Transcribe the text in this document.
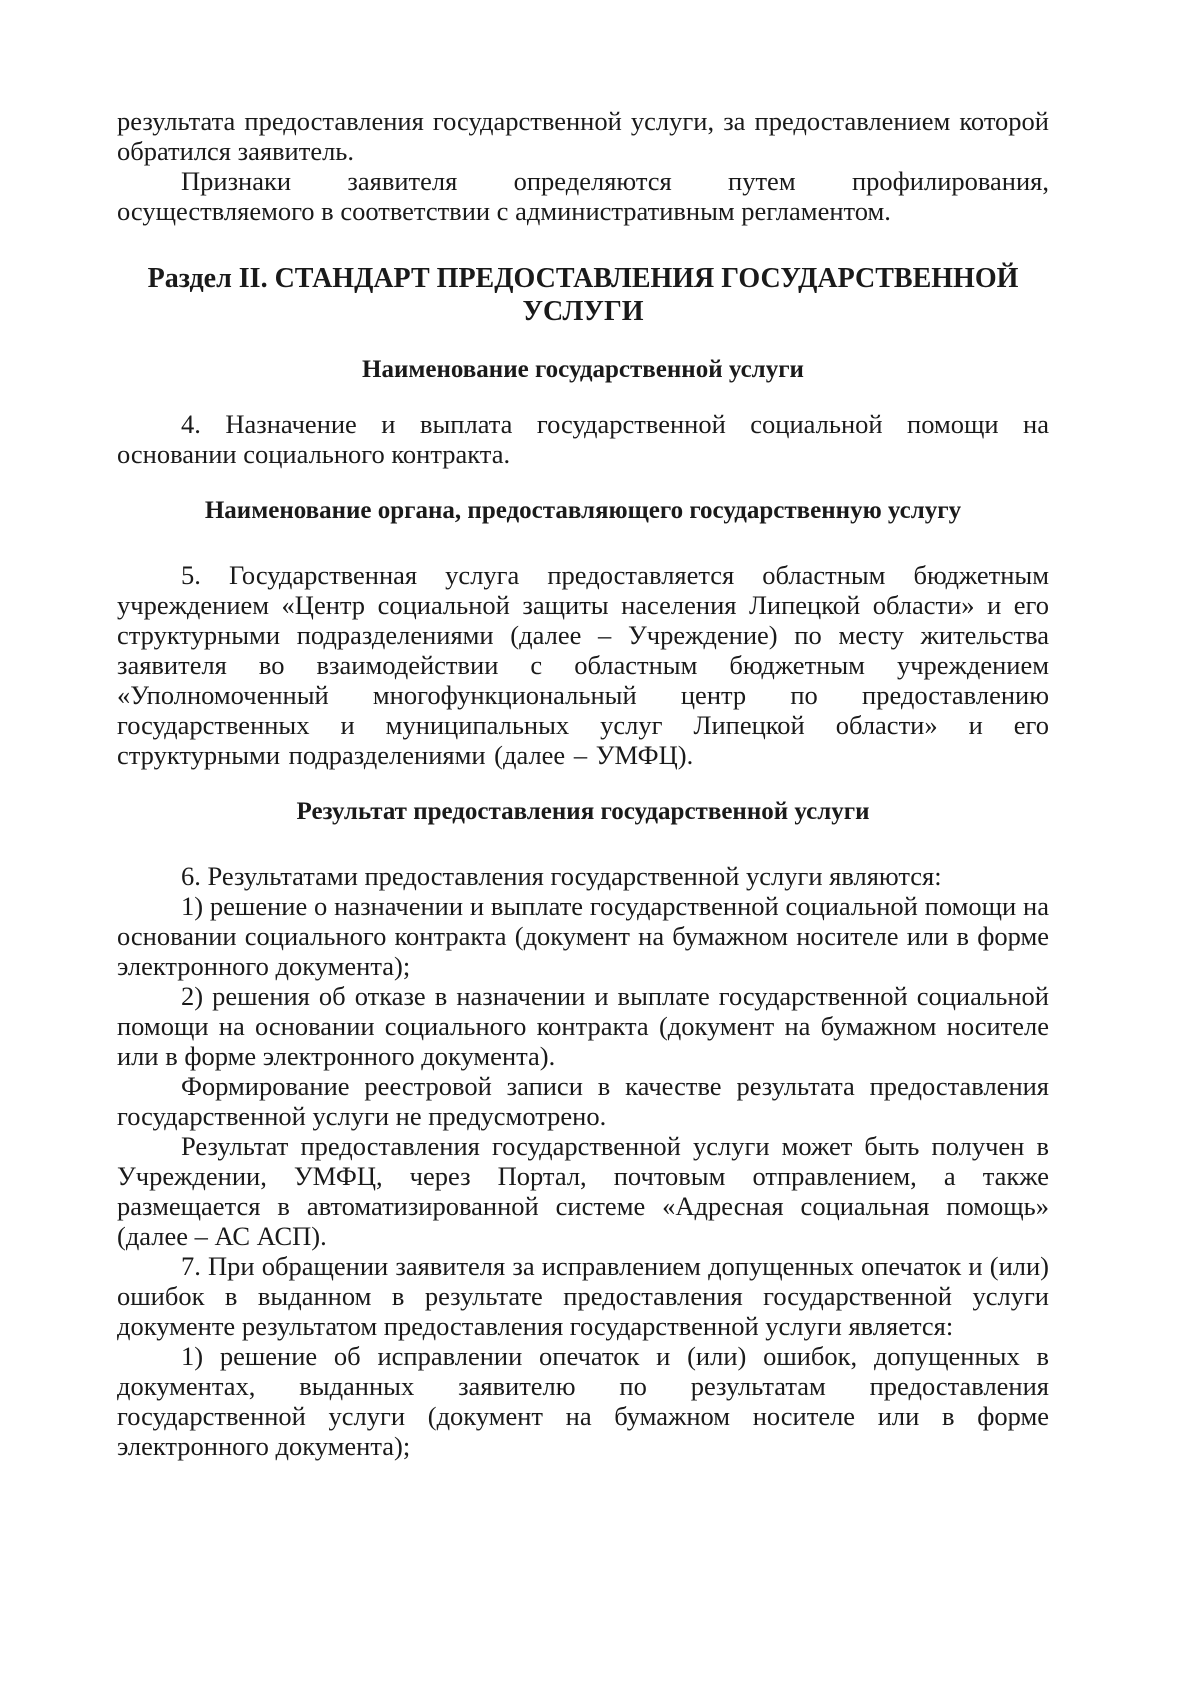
результата предоставления государственной услуги, за предоставлением которой обратился заявитель.

Признаки заявителя определяются путем профилирования, осуществляемого в соответствии с административным регламентом.

Раздел II. СТАНДАРТ ПРЕДОСТАВЛЕНИЯ ГОСУДАРСТВЕННОЙ УСЛУГИ
Наименование государственной услуги

4. Назначение и выплата государственной социальной помощи на основании социального контракта.

Наименование органа, предоставляющего государственную услугу

5. Государственная услуга предоставляется областным бюджетным учреждением «Центр социальной защиты населения Липецкой области» и его структурными подразделениями (далее – Учреждение) по месту жительства заявителя во взаимодействии с областным бюджетным учреждением «Уполномоченный многофункциональный центр по предоставлению государственных и муниципальных услуг Липецкой области» и его структурными подразделениями (далее – УМФЦ).

Результат предоставления государственной услуги

6. Результатами предоставления государственной услуги являются:

1) решение о назначении и выплате государственной социальной помощи на основании социального контракта (документ на бумажном носителе или в форме электронного документа);

2) решения об отказе в назначении и выплате государственной социальной помощи на основании социального контракта (документ на бумажном носителе или в форме электронного документа).

Формирование реестровой записи в качестве результата предоставления государственной услуги не предусмотрено.

Результат предоставления государственной услуги может быть получен в Учреждении, УМФЦ, через Портал, почтовым отправлением, а также размещается в автоматизированной системе «Адресная социальная помощь» (далее – АС АСП).

7. При обращении заявителя за исправлением допущенных опечаток и (или) ошибок в выданном в результате предоставления государственной услуги документе результатом предоставления государственной услуги является:

1) решение об исправлении опечаток и (или) ошибок, допущенных в документах, выданных заявителю по результатам предоставления государственной услуги (документ на бумажном носителе или в форме электронного документа);
